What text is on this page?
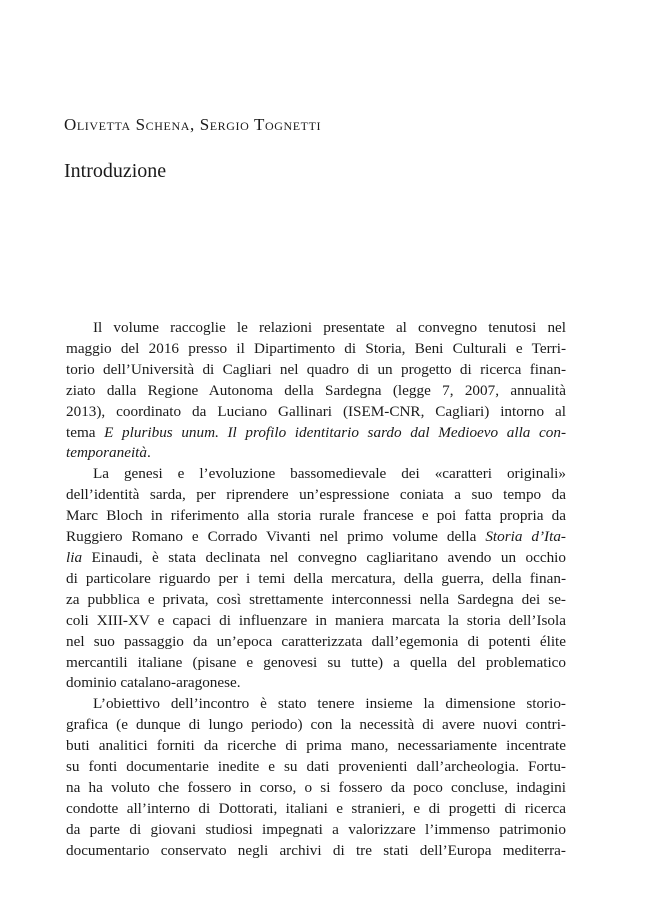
Olivetta Schena, Sergio Tognetti
Introduzione
Il volume raccoglie le relazioni presentate al convegno tenutosi nel
maggio del 2016 presso il Dipartimento di Storia, Beni Culturali e Terri-
torio dell’Università di Cagliari nel quadro di un progetto di ricerca finan-
ziato dalla Regione Autonoma della Sardegna (legge 7, 2007, annualità
2013), coordinato da Luciano Gallinari (ISEM-CNR, Cagliari) intorno al
tema E pluribus unum. Il profilo identitario sardo dal Medioevo alla con-
temporaneità.
La genesi e l’evoluzione bassomedievale dei «caratteri originali»
dell’identità sarda, per riprendere un’espressione coniata a suo tempo da
Marc Bloch in riferimento alla storia rurale francese e poi fatta propria da
Ruggiero Romano e Corrado Vivanti nel primo volume della Storia d’Ita-
lia Einaudi, è stata declinata nel convegno cagliaritano avendo un occhio
di particolare riguardo per i temi della mercatura, della guerra, della finan-
za pubblica e privata, così strettamente interconnessi nella Sardegna dei se-
coli XIII-XV e capaci di influenzare in maniera marcata la storia dell’Isola
nel suo passaggio da un’epoca caratterizzata dall’egemonia di potenti élite
mercantili italiane (pisane e genovesi su tutte) a quella del problematico
dominio catalano-aragonese.
L’obiettivo dell’incontro è stato tenere insieme la dimensione storio-
grafica (e dunque di lungo periodo) con la necessità di avere nuovi contri-
buti analitici forniti da ricerche di prima mano, necessariamente incentrate
su fonti documentarie inedite e su dati provenienti dall’archeologia. Fortu-
na ha voluto che fossero in corso, o si fossero da poco concluse, indagini
condotte all’interno di Dottorati, italiani e stranieri, e di progetti di ricerca
da parte di giovani studiosi impegnati a valorizzare l’immenso patrimonio
documentario conservato negli archivi di tre stati dell’Europa mediterra-
